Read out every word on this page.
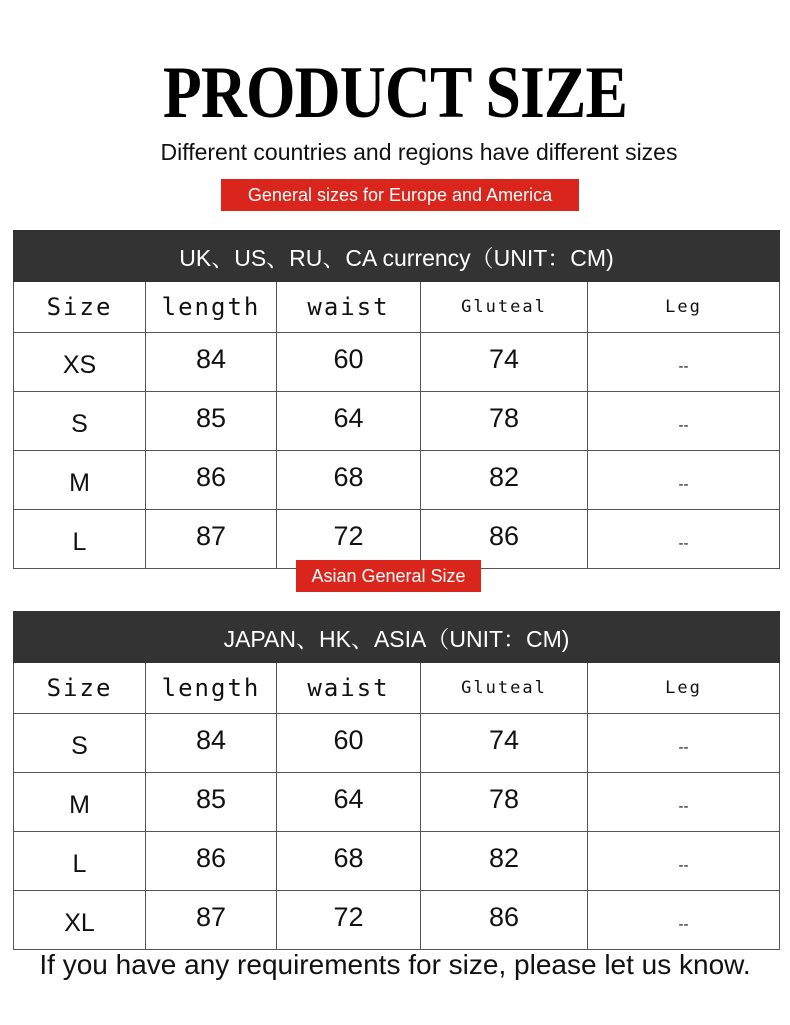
PRODUCT SIZE
Different countries and regions have different sizes
General sizes for Europe and America
UK、US、RU、CA currency（UNIT：CM)				
Size	length	waist	Gluteal	Leg
XS	84	60	74	--
S	85	64	78	--
M	86	68	82	--
L	87	72	86	--
Asian General Size
JAPAN、HK、ASIA（UNIT：CM)				
Size	length	waist	Gluteal	Leg
S	84	60	74	--
M	85	64	78	--
L	86	68	82	--
XL	87	72	86	--
If you have any requirements for size, please let us know.
